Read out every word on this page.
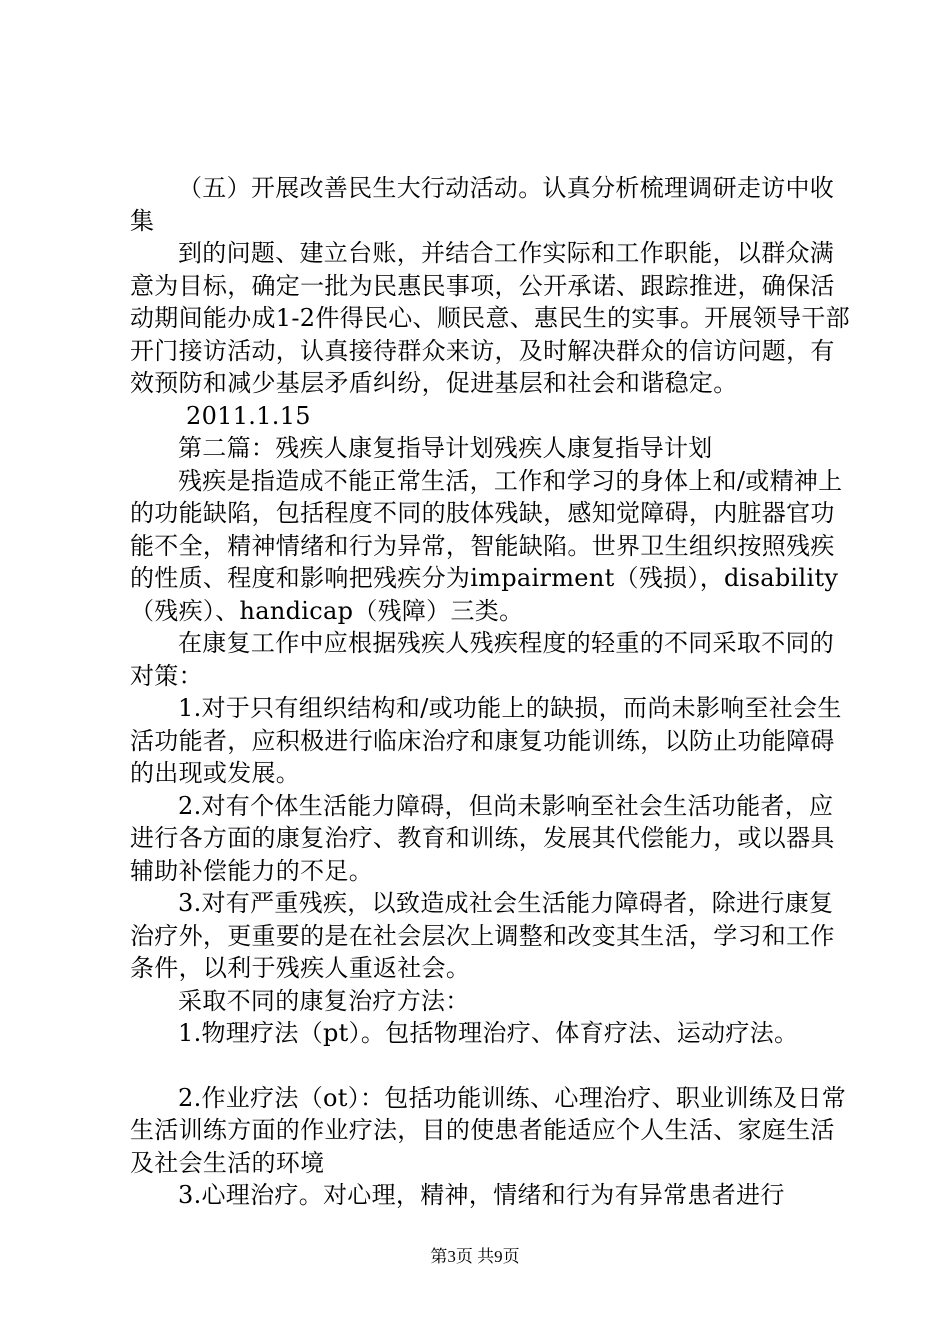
（五）开展改善民生大行动活动。认真分析梳理调研走访中收集

到的问题、建立台账，并结合工作实际和工作职能，以群众满意为目标，确定一批为民惠民事项，公开承诺、跟踪推进，确保活动期间能办成1-2件得民心、顺民意、惠民生的实事。开展领导干部开门接访活动，认真接待群众来访，及时解决群众的信访问题，有效预防和减少基层矛盾纠纷，促进基层和社会和谐稳定。

2011.1.15

第二篇：残疾人康复指导计划残疾人康复指导计划

残疾是指造成不能正常生活，工作和学习的身体上和/或精神上的功能缺陷，包括程度不同的肢体残缺，感知觉障碍，内脏器官功能不全，精神情绪和行为异常，智能缺陷。世界卫生组织按照残疾的性质、程度和影响把残疾分为impairment（残损），disability（残疾）、handicap（残障）三类。

在康复工作中应根据残疾人残疾程度的轻重的不同采取不同的对策：

1.对于只有组织结构和/或功能上的缺损，而尚未影响至社会生活功能者，应积极进行临床治疗和康复功能训练，以防止功能障碍的出现或发展。

2.对有个体生活能力障碍，但尚未影响至社会生活功能者，应进行各方面的康复治疗、教育和训练，发展其代偿能力，或以器具辅助补偿能力的不足。

3.对有严重残疾，以致造成社会生活能力障碍者，除进行康复治疗外，更重要的是在社会层次上调整和改变其生活，学习和工作条件，以利于残疾人重返社会。

采取不同的康复治疗方法：

1.物理疗法（pt）。包括物理治疗、体育疗法、运动疗法。

2.作业疗法（ot）：包括功能训练、心理治疗、职业训练及日常生活训练方面的作业疗法，目的使患者能适应个人生活、家庭生活及社会生活的环境

3.心理治疗。对心理，精神，情绪和行为有异常患者进行

第3页 共9页
